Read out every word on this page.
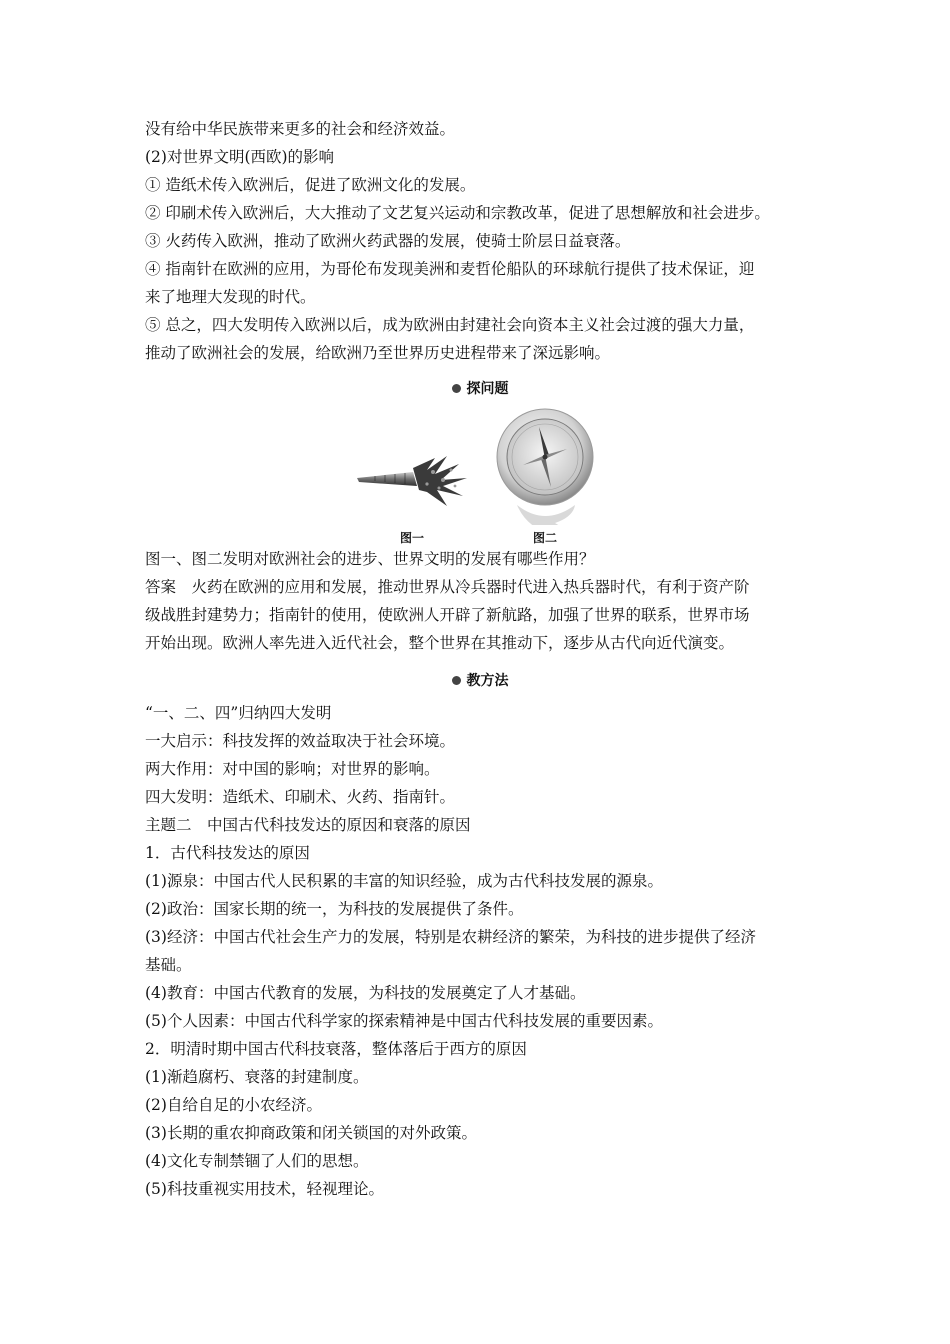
没有给中华民族带来更多的社会和经济效益。
(2)对世界文明(西欧)的影响
① 造纸术传入欧洲后，促进了欧洲文化的发展。
② 印刷术传入欧洲后，大大推动了文艺复兴运动和宗教改革，促进了思想解放和社会进步。
③ 火药传入欧洲，推动了欧洲火药武器的发展，使骑士阶层日益衰落。
④ 指南针在欧洲的应用，为哥伦布发现美洲和麦哲伦船队的环球航行提供了技术保证，迎
来了地理大发现的时代。
⑤ 总之，四大发明传入欧洲以后，成为欧洲由封建社会向资本主义社会过渡的强大力量，
推动了欧洲社会的发展，给欧洲乃至世界历史进程带来了深远影响。
探问题
图一	图二
图一、图二发明对欧洲社会的进步、世界文明的发展有哪些作用？
答案　火药在欧洲的应用和发展，推动世界从冷兵器时代进入热兵器时代，有利于资产阶
级战胜封建势力；指南针的使用，使欧洲人开辟了新航路，加强了世界的联系，世界市场
开始出现。欧洲人率先进入近代社会，整个世界在其推动下，逐步从古代向近代演变。
教方法
“一、二、四”归纳四大发明
一大启示：科技发挥的效益取决于社会环境。
两大作用：对中国的影响；对世界的影响。
四大发明：造纸术、印刷术、火药、指南针。
主题二　中国古代科技发达的原因和衰落的原因
1．古代科技发达的原因
(1)源泉：中国古代人民积累的丰富的知识经验，成为古代科技发展的源泉。
(2)政治：国家长期的统一，为科技的发展提供了条件。
(3)经济：中国古代社会生产力的发展，特别是农耕经济的繁荣，为科技的进步提供了经济
基础。
(4)教育：中国古代教育的发展，为科技的发展奠定了人才基础。
(5)个人因素：中国古代科学家的探索精神是中国古代科技发展的重要因素。
2．明清时期中国古代科技衰落，整体落后于西方的原因
(1)渐趋腐朽、衰落的封建制度。
(2)自给自足的小农经济。
(3)长期的重农抑商政策和闭关锁国的对外政策。
(4)文化专制禁锢了人们的思想。
(5)科技重视实用技术，轻视理论。
